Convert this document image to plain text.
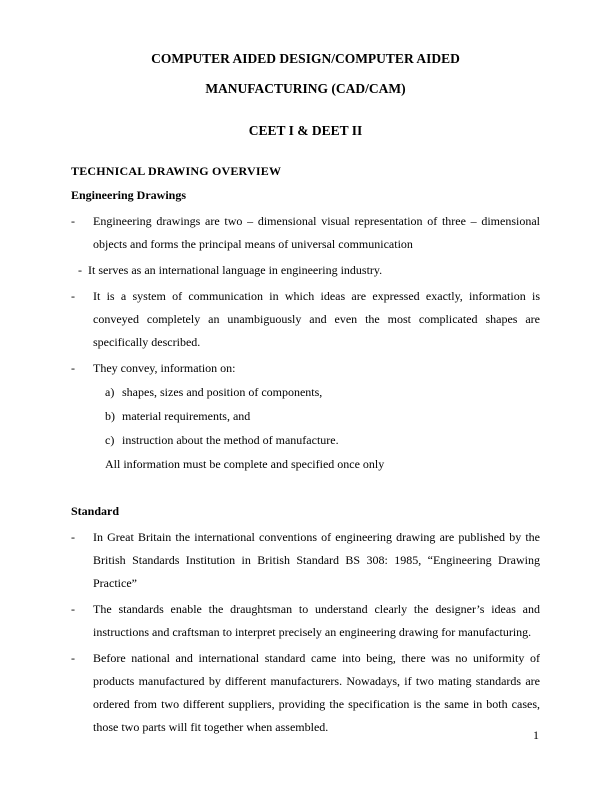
COMPUTER AIDED DESIGN/COMPUTER AIDED
MANUFACTURING (CAD/CAM)
CEET I & DEET II
TECHNICAL DRAWING OVERVIEW
Engineering Drawings
-	Engineering drawings are two – dimensional visual representation of three – dimensional objects and forms the principal means of universal communication
- It serves as an international language in engineering industry.
-	It is a system of communication in which ideas are expressed exactly, information is conveyed completely an unambiguously and even the most complicated shapes are specifically described.
-	They convey, information on:
a) shapes, sizes and position of components,
b) material requirements, and
c) instruction about the method of manufacture.
All information must be complete and specified once only
Standard
-	In Great Britain the international conventions of engineering drawing are published by the British Standards Institution in British Standard BS 308: 1985, “Engineering Drawing Practice”
-	The standards enable the draughtsman to understand clearly the designer’s ideas and instructions and craftsman to interpret precisely an engineering drawing for manufacturing.
-	Before national and international standard came into being, there was no uniformity of products manufactured by different manufacturers. Nowadays, if two mating standards are ordered from two different suppliers, providing the specification is the same in both cases, those two parts will fit together when assembled.
1
